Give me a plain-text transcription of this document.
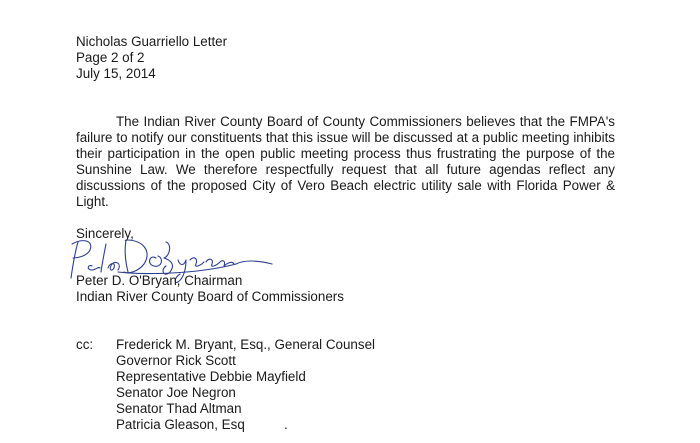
Nicholas Guarriello Letter
Page 2 of 2
July 15, 2014
The Indian River County Board of County Commissioners believes that the FMPA's failure to notify our constituents that this issue will be discussed at a public meeting inhibits their participation in the open public meeting process thus frustrating the purpose of the Sunshine Law. We therefore respectfully request that all future agendas reflect any discussions of the proposed City of Vero Beach electric utility sale with Florida Power & Light.
Sincerely,
Peter D. O'Bryan, Chairman
Indian River County Board of Commissioners
cc: Frederick M. Bryant, Esq., General Counsel
Governor Rick Scott
Representative Debbie Mayfield
Senator Joe Negron
Senator Thad Altman
Patricia Gleason, Esq	.
